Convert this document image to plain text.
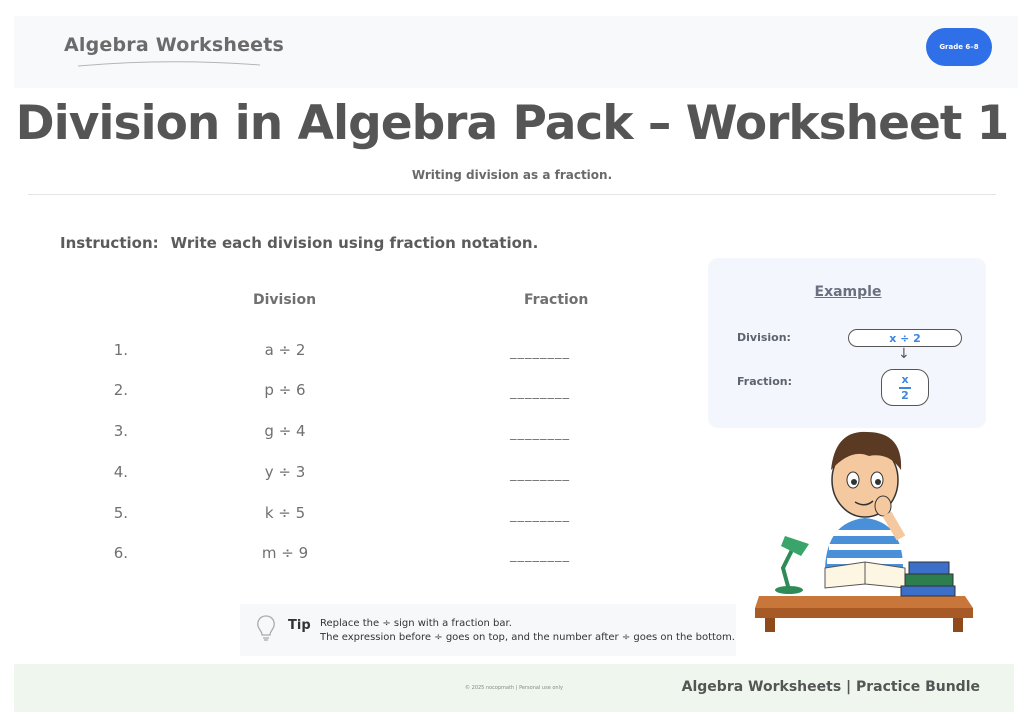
Algebra Worksheets	Grade 6–8
Division in Algebra Pack – Worksheet 1
Writing division as a fraction.
Instruction: Write each division using fraction notation.
Division	Fraction
1.	a ÷ 2	________
2.	p ÷ 6	________
3.	g ÷ 4	________
4.	y ÷ 3	________
5.	k ÷ 5	________
6.	m ÷ 9	________
Example
Division:	x ÷ 2
↓
Fraction:	x
2
Tip Replace the ÷ sign with a fraction bar.
The expression before ÷ goes on top, and the number after ÷ goes on the bottom.
© 2025 nocopmath | Personal use only	Algebra Worksheets | Practice Bundle
